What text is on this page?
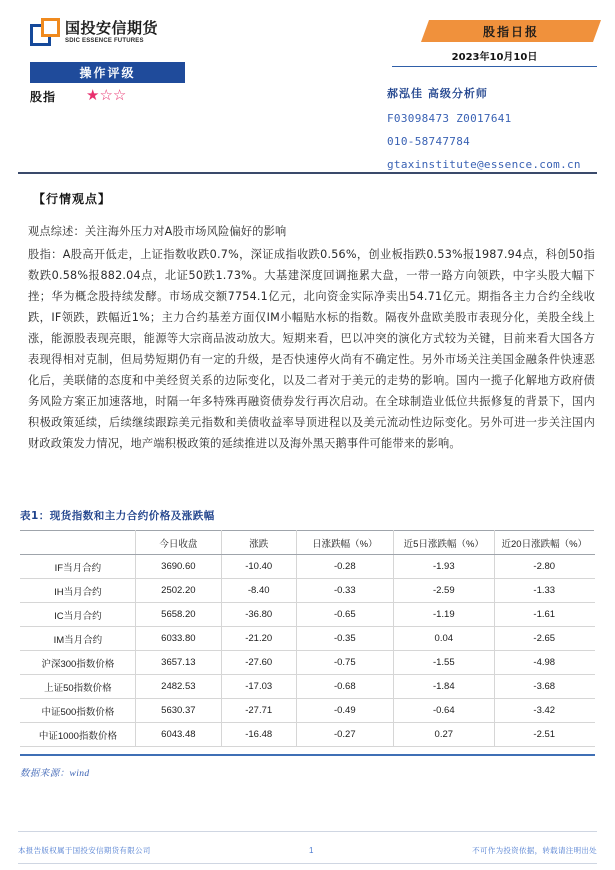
国投安信期货
SDIC ESSENCE FUTURES
操作评级
股指 ★☆☆
股指日报
2023年10月10日
郝泓佳 高级分析师
F03098473 Z0017641
010-58747784
gtaxinstitute@essence.com.cn
【行情观点】

观点综述：关注海外压力对A股市场风险偏好的影响

股指：A股高开低走，上证指数收跌0.7%，深证成指收跌0.56%，创业板指跌0.53%报1987.94点，科创50指数跌0.58%报882.04点，北证50跌1.73%。大基建深度回调拖累大盘，一带一路方向领跌，中字头股大幅下挫；华为概念股持续发酵。市场成交额7754.1亿元，北向资金实际净卖出54.71亿元。期指各主力合约全线收跌，IF领跌，跌幅近1%；主力合约基差方面仅IM小幅贴水标的指数。隔夜外盘欧美股市表现分化，美股全线上涨，能源股表现亮眼，能源等大宗商品波动放大。短期来看，巴以冲突的演化方式较为关键，目前来看大国各方表现得相对克制，但局势短期仍有一定的升级，是否快速停火尚有不确定性。另外市场关注美国金融条件快速恶化后，美联储的态度和中美经贸关系的边际变化，以及二者对于美元的走势的影响。国内一揽子化解地方政府债务风险方案正加速落地，时隔一年多特殊再融资债券发行再次启动。在全球制造业低位共振修复的背景下，国内积极政策延续，后续继续跟踪美元指数和美债收益率导顶进程以及美元流动性边际变化。另外可进一步关注国内财政政策发力情况，地产端积极政策的延续推进以及海外黑天鹅事件可能带来的影响。

表1：现货指数和主力合约价格及涨跌幅
	今日收盘	涨跌	日涨跌幅（%）	近5日涨跌幅（%）	近20日涨跌幅（%）
IF当月合约	3690.60	-10.40	-0.28	-1.93	-2.80
IH当月合约	2502.20	-8.40	-0.33	-2.59	-1.33
IC当月合约	5658.20	-36.80	-0.65	-1.19	-1.61
IM当月合约	6033.80	-21.20	-0.35	0.04	-2.65
沪深300指数价格	3657.13	-27.60	-0.75	-1.55	-4.98
上证50指数价格	2482.53	-17.03	-0.68	-1.84	-3.68
中证500指数价格	5630.37	-27.71	-0.49	-0.64	-3.42
中证1000指数价格	6043.48	-16.48	-0.27	0.27	-2.51
数据来源：wind
本报告版权属于国投安信期货有限公司	1	不可作为投资依据，转载请注明出处
